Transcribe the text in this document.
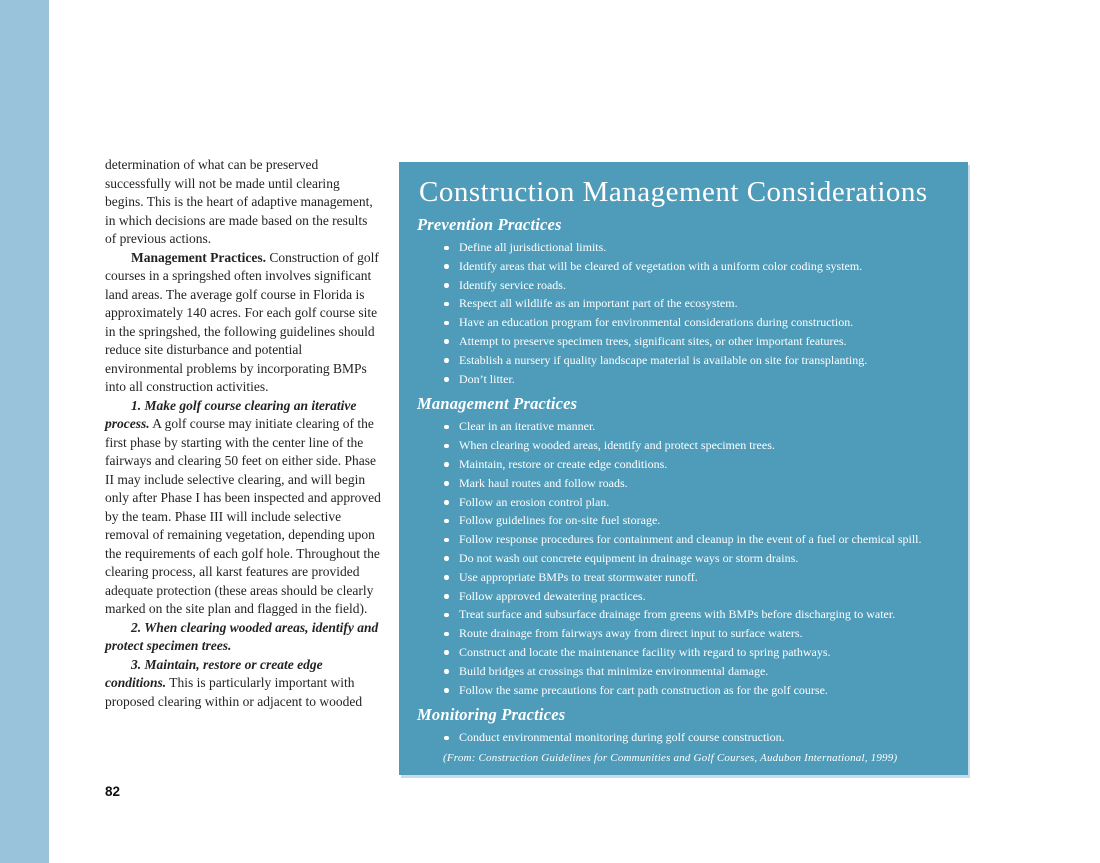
determination of what can be preserved successfully will not be made until clearing begins. This is the heart of adaptive management, in which decisions are made based on the results of previous actions.

Management Practices. Construction of golf courses in a springshed often involves significant land areas. The average golf course in Florida is approximately 140 acres. For each golf course site in the springshed, the following guidelines should reduce site disturbance and potential environmental problems by incorporating BMPs into all construction activities.

1. Make golf course clearing an iterative process. A golf course may initiate clearing of the first phase by starting with the center line of the fairways and clearing 50 feet on either side. Phase II may include selective clearing, and will begin only after Phase I has been inspected and approved by the team. Phase III will include selective removal of remaining vegetation, depending upon the requirements of each golf hole. Throughout the clearing process, all karst features are provided adequate protection (these areas should be clearly marked on the site plan and flagged in the field).

2. When clearing wooded areas, identify and protect specimen trees.

3. Maintain, restore or create edge conditions. This is particularly important with proposed clearing within or adjacent to wooded

82
Construction Management Considerations
Prevention Practices
Define all jurisdictional limits.
Identify areas that will be cleared of vegetation with a uniform color coding system.
Identify service roads.
Respect all wildlife as an important part of the ecosystem.
Have an education program for environmental considerations during construction.
Attempt to preserve specimen trees, significant sites, or other important features.
Establish a nursery if quality landscape material is available on site for transplanting.
Don’t litter.
Management Practices
Clear in an iterative manner.
When clearing wooded areas, identify and protect specimen trees.
Maintain, restore or create edge conditions.
Mark haul routes and follow roads.
Follow an erosion control plan.
Follow guidelines for on-site fuel storage.
Follow response procedures for containment and cleanup in the event of a fuel or chemical spill.
Do not wash out concrete equipment in drainage ways or storm drains.
Use appropriate BMPs to treat stormwater runoff.
Follow approved dewatering practices.
Treat surface and subsurface drainage from greens with BMPs before discharging to water.
Route drainage from fairways away from direct input to surface waters.
Construct and locate the maintenance facility with regard to spring pathways.
Build bridges at crossings that minimize environmental damage.
Follow the same precautions for cart path construction as for the golf course.
Monitoring Practices
Conduct environmental monitoring during golf course construction.

(From: Construction Guidelines for Communities and Golf Courses, Audubon International, 1999)
